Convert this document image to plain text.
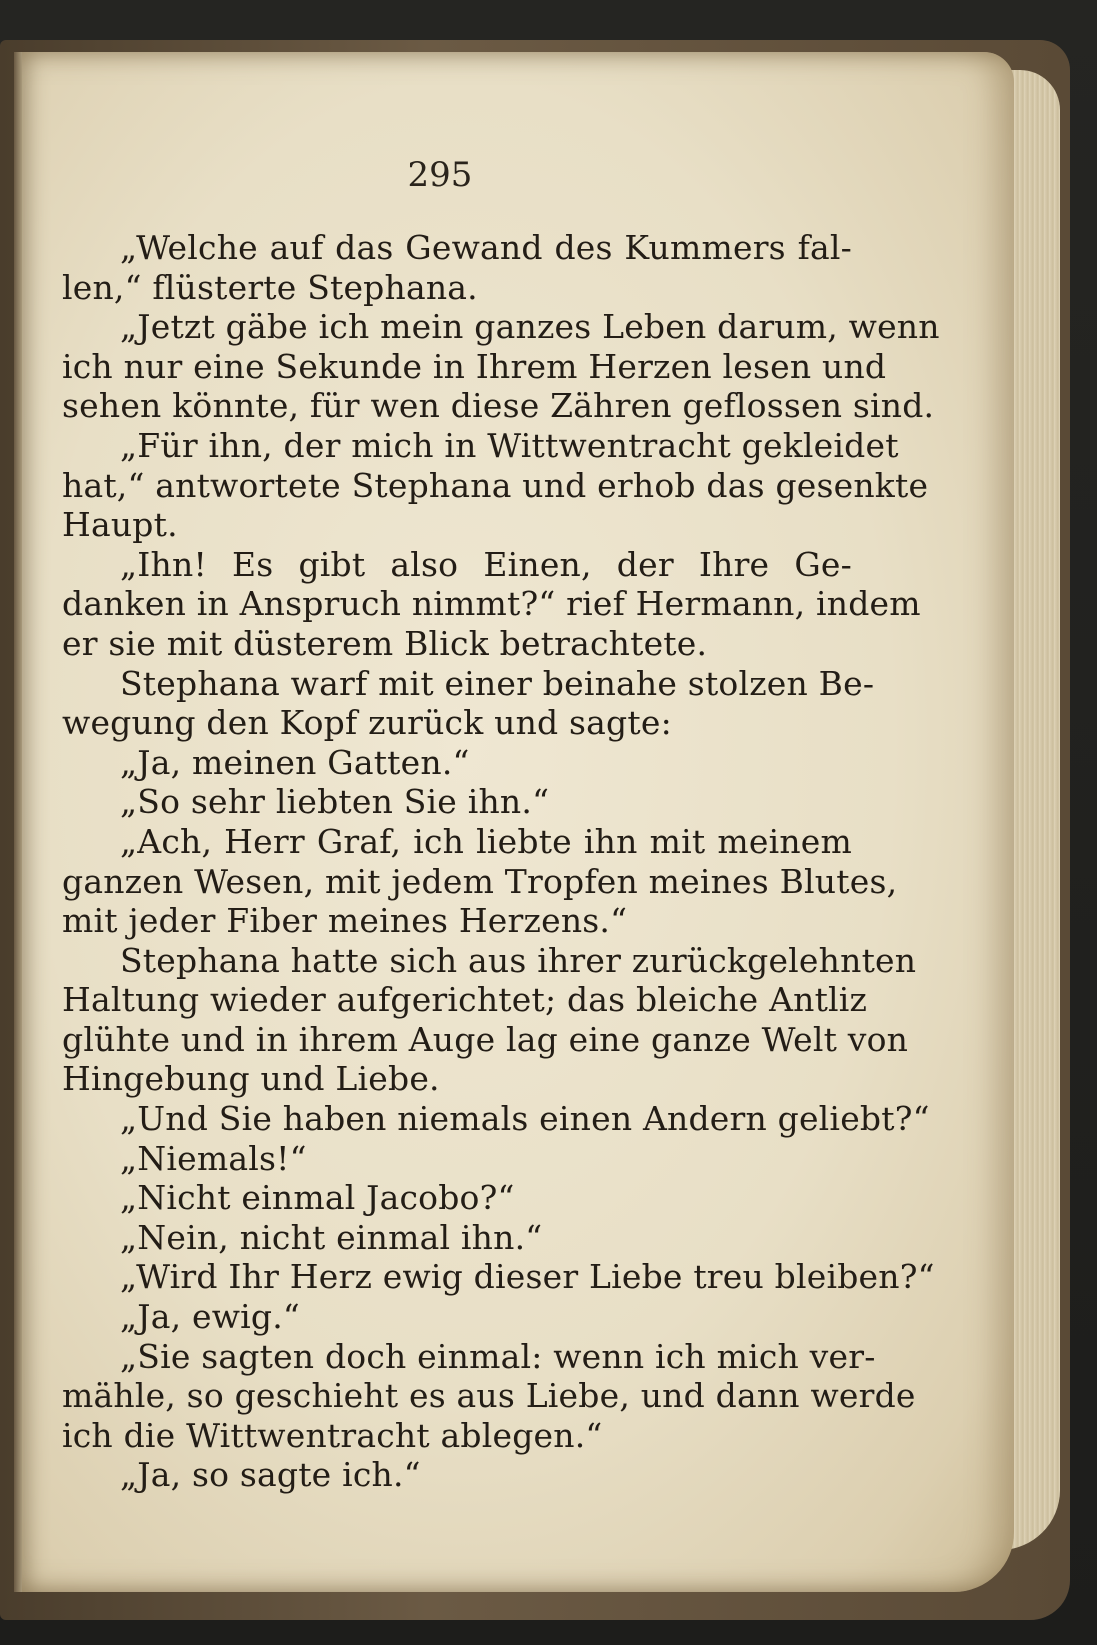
295
„Welche auf das Gewand des Kummers fal-
len,“ flüsterte Stephana.
„Jetzt gäbe ich mein ganzes Leben darum, wenn
ich nur eine Sekunde in Ihrem Herzen lesen und
sehen könnte, für wen diese Zähren geflossen sind.
„Für ihn, der mich in Wittwentracht gekleidet
hat,“ antwortete Stephana und erhob das gesenkte
Haupt.
„Ihn! Es gibt also Einen, der Ihre Ge-
danken in Anspruch nimmt?“ rief Hermann, indem
er sie mit düsterem Blick betrachtete.
Stephana warf mit einer beinahe stolzen Be-
wegung den Kopf zurück und sagte:
„Ja, meinen Gatten.“
„So sehr liebten Sie ihn.“
„Ach, Herr Graf, ich liebte ihn mit meinem
ganzen Wesen, mit jedem Tropfen meines Blutes,
mit jeder Fiber meines Herzens.“
Stephana hatte sich aus ihrer zurückgelehnten
Haltung wieder aufgerichtet; das bleiche Antliz
glühte und in ihrem Auge lag eine ganze Welt von
Hingebung und Liebe.
„Und Sie haben niemals einen Andern geliebt?“
„Niemals!“
„Nicht einmal Jacobo?“
„Nein, nicht einmal ihn.“
„Wird Ihr Herz ewig dieser Liebe treu bleiben?“
„Ja, ewig.“
„Sie sagten doch einmal: wenn ich mich ver-
mähle, so geschieht es aus Liebe, und dann werde
ich die Wittwentracht ablegen.“
„Ja, so sagte ich.“
